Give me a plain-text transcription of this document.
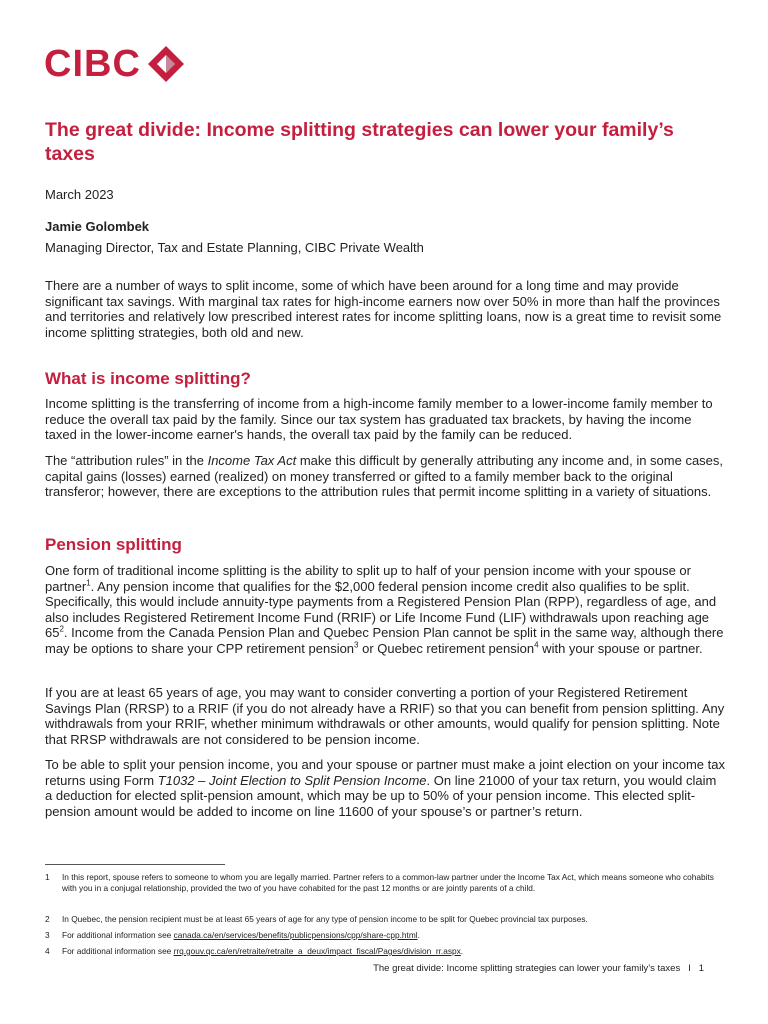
CIBC
The great divide: Income splitting strategies can lower your family’s taxes
March 2023
Jamie Golombek
Managing Director, Tax and Estate Planning, CIBC Private Wealth

There are a number of ways to split income, some of which have been around for a long time and may provide significant tax savings. With marginal tax rates for high-income earners now over 50% in more than half the provinces and territories and relatively low prescribed interest rates for income splitting loans, now is a great time to revisit some income splitting strategies, both old and new.

What is income splitting?

Income splitting is the transferring of income from a high-income family member to a lower-income family member to reduce the overall tax paid by the family. Since our tax system has graduated tax brackets, by having the income taxed in the lower-income earner's hands, the overall tax paid by the family can be reduced.

The “attribution rules” in the Income Tax Act make this difficult by generally attributing any income and, in some cases, capital gains (losses) earned (realized) on money transferred or gifted to a family member back to the original transferor; however, there are exceptions to the attribution rules that permit income splitting in a variety of situations.

Pension splitting

One form of traditional income splitting is the ability to split up to half of your pension income with your spouse or partner$^1$. Any pension income that qualifies for the $2,000 federal pension income credit also qualifies to be split. Specifically, this would include annuity-type payments from a Registered Pension Plan (RPP), regardless of age, and also includes Registered Retirement Income Fund (RRIF) or Life Income Fund (LIF) withdrawals upon reaching age $65^2$. Income from the Canada Pension Plan and Quebec Pension Plan cannot be split in the same way, although there may be options to share your CPP retirement pension$^3$ or Quebec retirement pension$^4$ with your spouse or partner.

If you are at least 65 years of age, you may want to consider converting a portion of your Registered Retirement Savings Plan (RRSP) to a RRIF (if you do not already have a RRIF) so that you can benefit from pension splitting. Any withdrawals from your RRIF, whether minimum withdrawals or other amounts, would qualify for pension splitting. Note that RRSP withdrawals are not considered to be pension income.

To be able to split your pension income, you and your spouse or partner must make a joint election on your income tax returns using Form T1032 – Joint Election to Split Pension Income. On line 21000 of your tax return, you would claim a deduction for elected split-pension amount, which may be up to 50% of your pension income. This elected split-pension amount would be added to income on line 11600 of your spouse’s or partner’s return.

1 In this report, spouse refers to someone to whom you are legally married. Partner refers to a common-law partner under the Income Tax Act, which means someone who cohabits with you in a conjugal relationship, provided the two of you have cohabited for the past 12 months or are jointly parents of a child.
2 In Quebec, the pension recipient must be at least 65 years of age for any type of pension income to be split for Quebec provincial tax purposes.
3 For additional information see canada.ca/en/services/benefits/publicpensions/cpp/share-cpp.html.
4 For additional information see rrq.gouv.qc.ca/en/retraite/retraite_a_deux/impact_fiscal/Pages/division_rr.aspx.
The great divide: Income splitting strategies can lower your family’s taxes I 1
